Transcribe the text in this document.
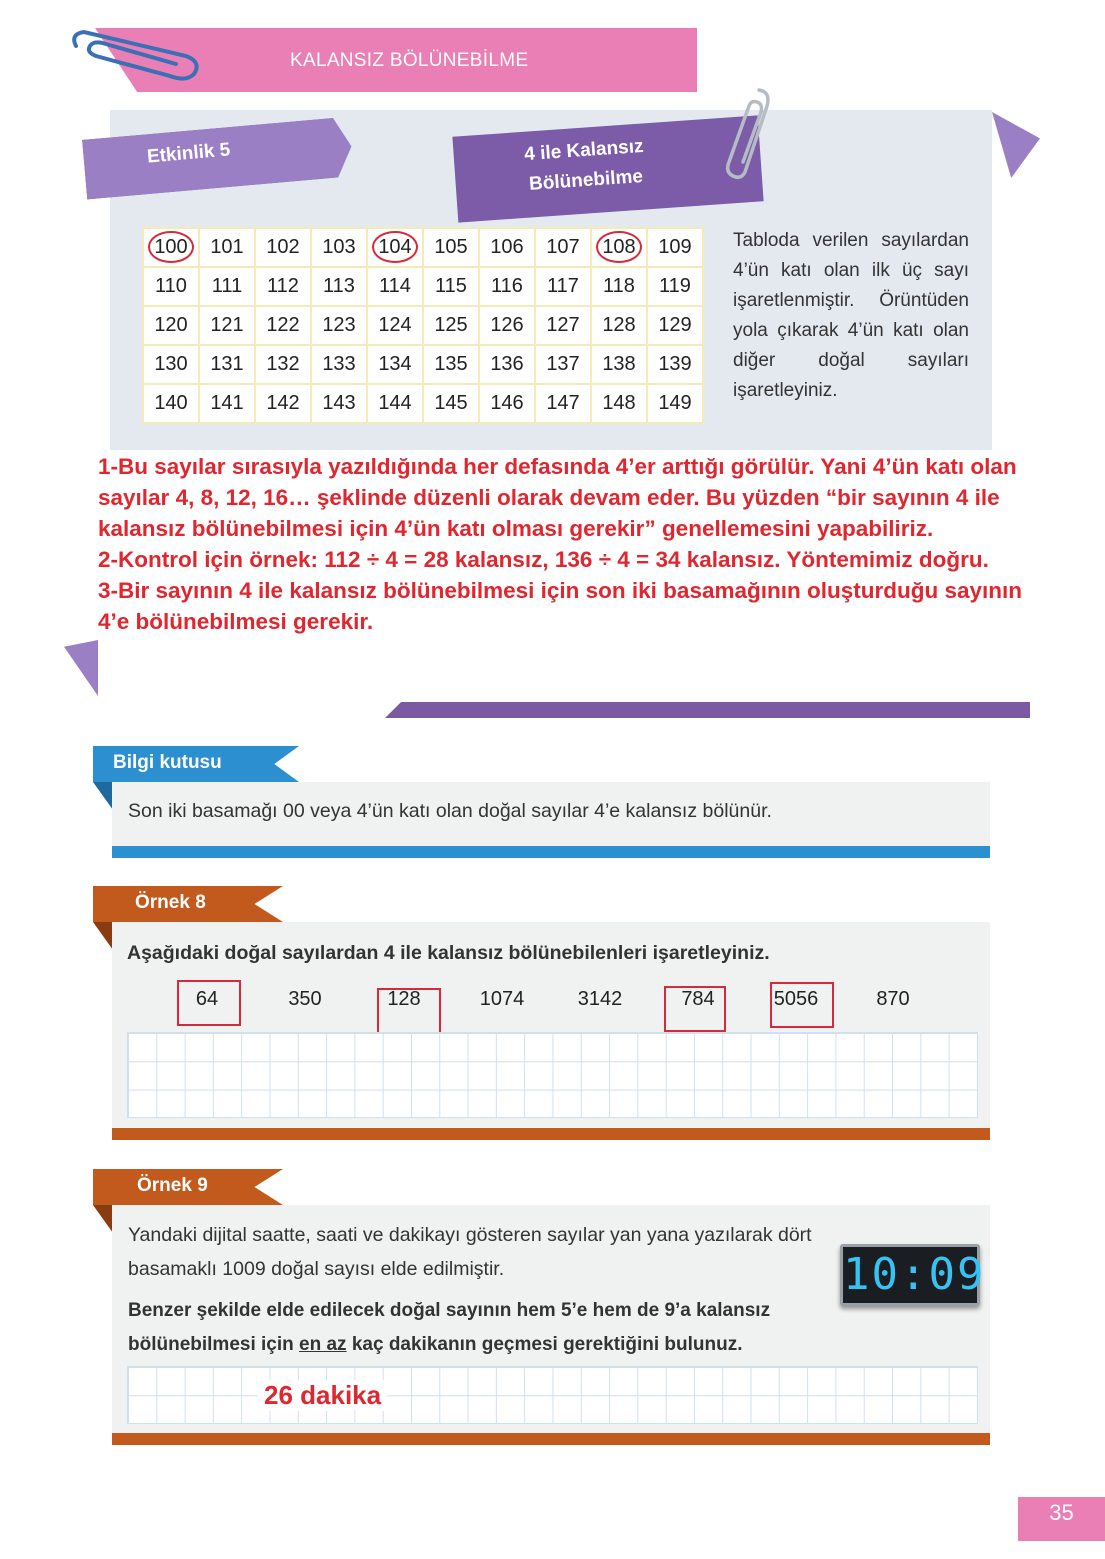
KALANSIZ BÖLÜNEBİLME
Etkinlik 5	4 ile Kalansız
Bölünebilme
100	101	102	103	104	105	106	107	108	109
110	111	112	113	114	115	116	117	118	119
120	121	122	123	124	125	126	127	128	129
130	131	132	133	134	135	136	137	138	139
140	141	142	143	144	145	146	147	148	149
Tabloda verilen sayılardan 4’ün katı olan ilk üç sayı işaretlenmiştir. Örüntüden yola çıkarak 4’ün katı olan diğer doğal sayıları işaretleyiniz.

1-Bu sayılar sırasıyla yazıldığında her defasında 4’er arttığı görülür. Yani 4’ün katı olan sayılar 4, 8, 12, 16… şeklinde düzenli olarak devam eder. Bu yüzden “bir sayının 4 ile kalansız bölünebilmesi için 4’ün katı olması gerekir” genellemesini yapabiliriz.

2-Kontrol için örnek: 112 ÷ 4 = 28 kalansız, 136 ÷ 4 = 34 kalansız. Yöntemimiz doğru.

3-Bir sayının 4 ile kalansız bölünebilmesi için son iki basamağının oluşturduğu sayının 4’e bölünebilmesi gerekir.

Bilgi kutusu
Son iki basamağı 00 veya 4’ün katı olan doğal sayılar 4’e kalansız bölünür.
Örnek 8
Aşağıdaki doğal sayılardan 4 ile kalansız bölünebilenleri işaretleyiniz.
64	350	128	1074	3142	784	5056	870
Örnek 9
Yandaki dijital saatte, saati ve dakikayı gösteren sayılar yan yana yazılarak dört basamaklı 1009 doğal sayısı elde edilmiştir.
Benzer şekilde elde edilecek doğal sayının hem 5’e hem de 9’a kalansız bölünebilmesi için en az kaç dakikanın geçmesi gerektiğini bulunuz.
10:09
26 dakika
35
